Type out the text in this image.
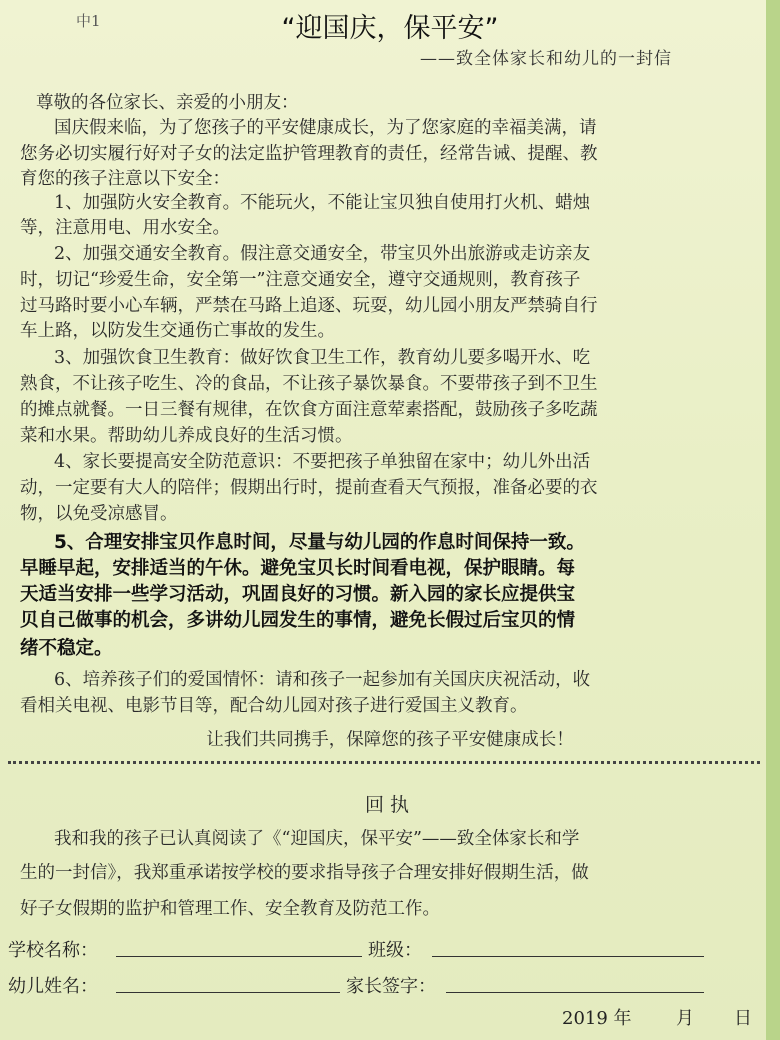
中1	“迎国庆，保平安”
——致全体家长和幼儿的一封信
尊敬的各位家长、亲爱的小朋友：
国庆假来临，为了您孩子的平安健康成长，为了您家庭的幸福美满，请
您务必切实履行好对子女的法定监护管理教育的责任，经常告诫、提醒、教
育您的孩子注意以下安全：
1、加强防火安全教育。不能玩火，不能让宝贝独自使用打火机、蜡烛
等，注意用电、用水安全。
2、加强交通安全教育。假注意交通安全，带宝贝外出旅游或走访亲友
时，切记“珍爱生命，安全第一”注意交通安全，遵守交通规则，教育孩子
过马路时要小心车辆，严禁在马路上追逐、玩耍，幼儿园小朋友严禁骑自行
车上路，以防发生交通伤亡事故的发生。
3、加强饮食卫生教育：做好饮食卫生工作，教育幼儿要多喝开水、吃
熟食，不让孩子吃生、冷的食品，不让孩子暴饮暴食。不要带孩子到不卫生
的摊点就餐。一日三餐有规律，在饮食方面注意荤素搭配，鼓励孩子多吃蔬
菜和水果。帮助幼儿养成良好的生活习惯。
4、家长要提高安全防范意识：不要把孩子单独留在家中；幼儿外出活
动，一定要有大人的陪伴；假期出行时，提前查看天气预报，准备必要的衣
物，以免受凉感冒。
5、合理安排宝贝作息时间，尽量与幼儿园的作息时间保持一致。
早睡早起，安排适当的午休。避免宝贝长时间看电视，保护眼睛。每
天适当安排一些学习活动，巩固良好的习惯。新入园的家长应提供宝
贝自己做事的机会，多讲幼儿园发生的事情，避免长假过后宝贝的情
绪不稳定。
6、培养孩子们的爱国情怀：请和孩子一起参加有关国庆庆祝活动，收
看相关电视、电影节目等，配合幼儿园对孩子进行爱国主义教育。
让我们共同携手，保障您的孩子平安健康成长！
回执
我和我的孩子已认真阅读了《“迎国庆，保平安”——致全体家长和学
生的一封信》，我郑重承诺按学校的要求指导孩子合理安排好假期生活，做
好子女假期的监护和管理工作、安全教育及防范工作。
学校名称：	班级：
幼儿姓名：	家长签字：
2019 年 月 日
